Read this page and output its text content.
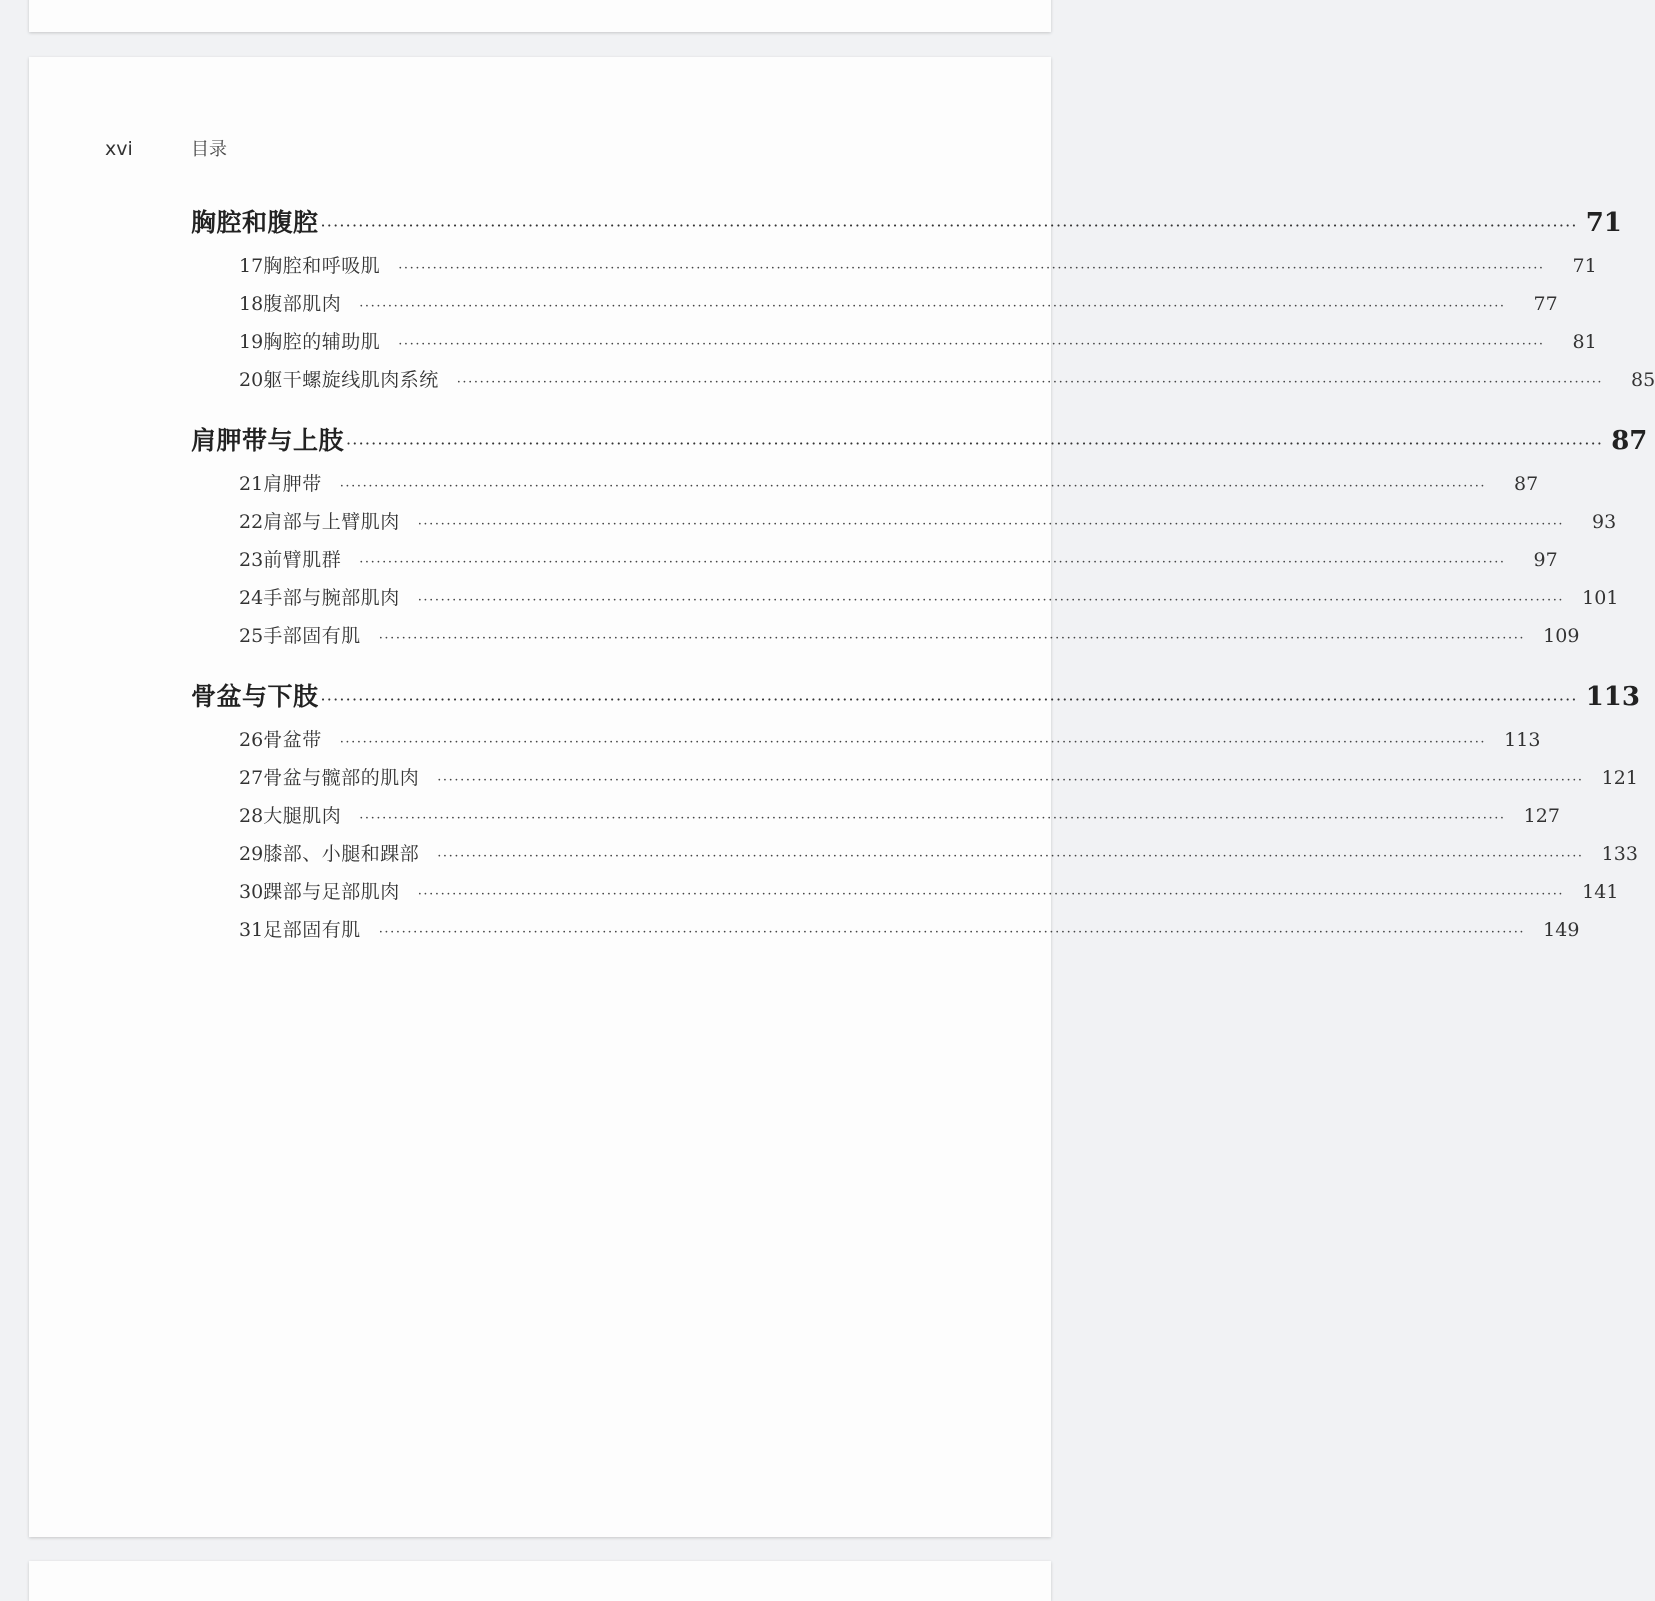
xvi	目录
胸腔和腹腔 ········································································································································································································ 71
17 胸腔和呼吸肌 ········································································································································································································	71
18 腹部肌肉 ········································································································································································································	77
19 胸腔的辅助肌 ········································································································································································································	81
20 躯干螺旋线肌肉系统 ········································································································································································································	85
肩胛带与上肢 ········································································································································································································ 87
21 肩胛带 ········································································································································································································	87
22 肩部与上臂肌肉 ········································································································································································································	93
23 前臂肌群 ········································································································································································································	97
24 手部与腕部肌肉 ········································································································································································································ 101
25 手部固有肌 ········································································································································································································ 109
骨盆与下肢 ········································································································································································································ 113
26 骨盆带 ········································································································································································································ 113
27 骨盆与髋部的肌肉 ········································································································································································································ 121
28 大腿肌肉 ········································································································································································································ 127
29 膝部、小腿和踝部 ········································································································································································································ 133
30 踝部与足部肌肉 ········································································································································································································ 141
31 足部固有肌 ········································································································································································································ 149
